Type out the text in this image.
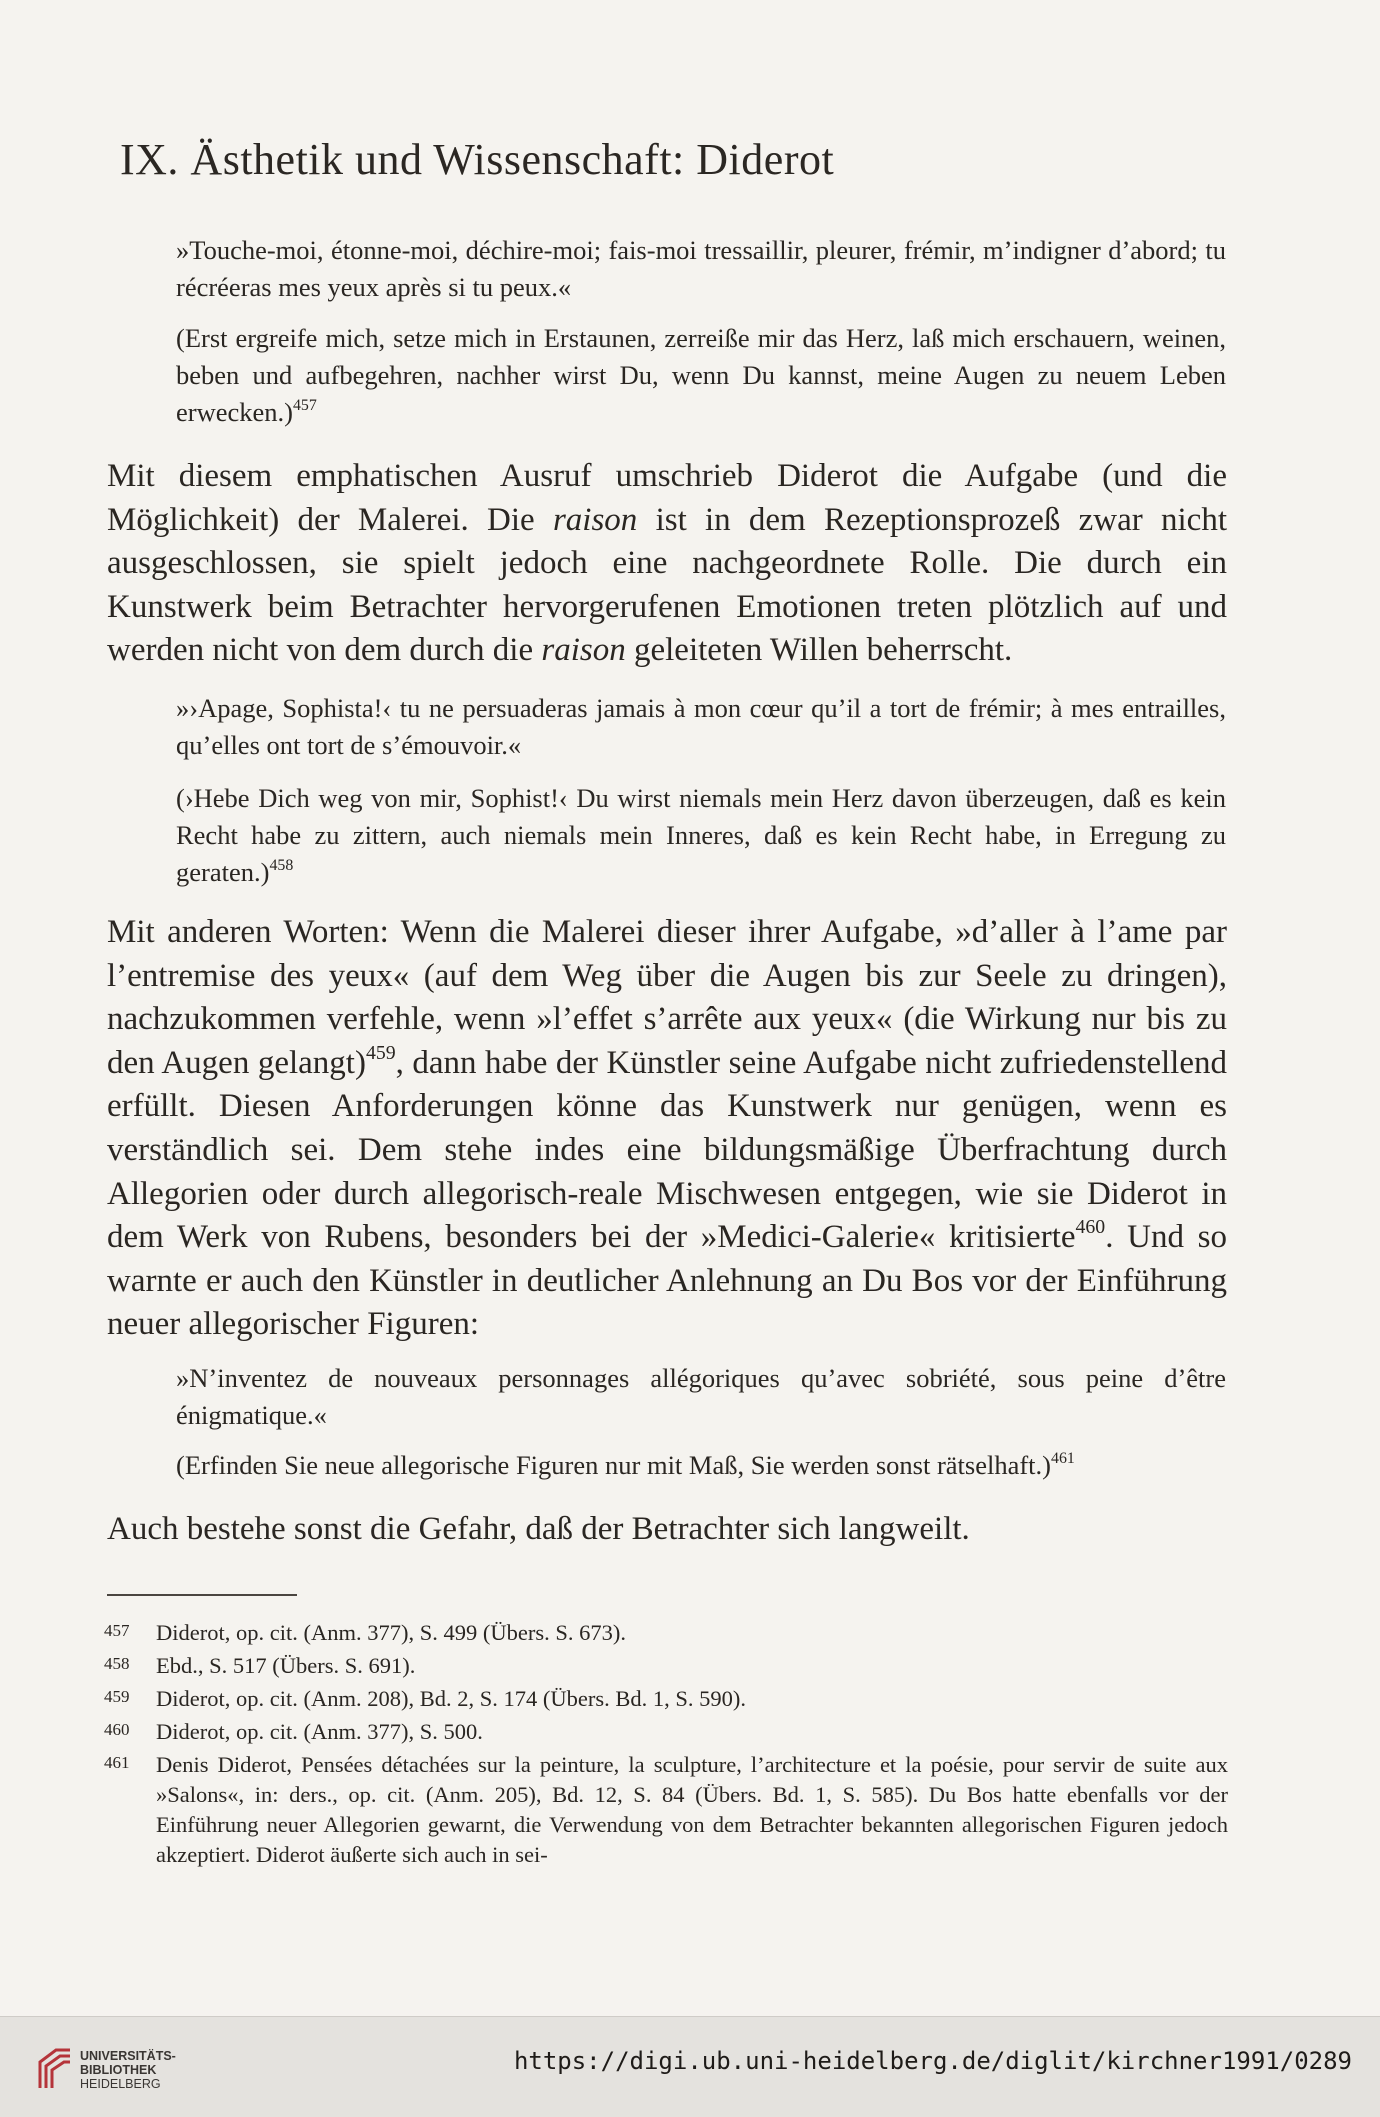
IX. Ästhetik und Wissenschaft: Diderot

»Touche-moi, étonne-moi, déchire-moi; fais-moi tressaillir, pleurer, frémir, m’indigner d’abord; tu récréeras mes yeux après si tu peux.«

(Erst ergreife mich, setze mich in Erstaunen, zerreiße mir das Herz, laß mich erschauern, weinen, beben und aufbegehren, nachher wirst Du, wenn Du kannst, meine Augen zu neuem Leben erwecken.)$^{457}$

Mit diesem emphatischen Ausruf umschrieb Diderot die Aufgabe (und die Möglichkeit) der Malerei. Die raison ist in dem Rezeptionsprozeß zwar nicht ausgeschlossen, sie spielt jedoch eine nachgeordnete Rolle. Die durch ein Kunstwerk beim Betrachter hervorgerufenen Emotionen treten plötzlich auf und werden nicht von dem durch die raison geleiteten Willen beherrscht.

»›Apage, Sophista!‹ tu ne persuaderas jamais à mon cœur qu’il a tort de frémir; à mes entrailles, qu’elles ont tort de s’émouvoir.«

(›Hebe Dich weg von mir, Sophist!‹ Du wirst niemals mein Herz davon überzeugen, daß es kein Recht habe zu zittern, auch niemals mein Inneres, daß es kein Recht habe, in Erregung zu geraten.)$^{458}$

Mit anderen Worten: Wenn die Malerei dieser ihrer Aufgabe, »d’aller à l’ame par l’entremise des yeux« (auf dem Weg über die Augen bis zur Seele zu dringen), nachzukommen verfehle, wenn »l’effet s’arrête aux yeux« (die Wirkung nur bis zu den Augen gelangt)$^{459}$, dann habe der Künstler seine Aufgabe nicht zufriedenstellend erfüllt. Diesen Anforderungen könne das Kunstwerk nur genügen, wenn es verständlich sei. Dem stehe indes eine bildungsmäßige Überfrachtung durch Allegorien oder durch allegorisch-reale Mischwesen entgegen, wie sie Diderot in dem Werk von Rubens, besonders bei der »Medici-Galerie« kritisierte$^{460}$. Und so warnte er auch den Künstler in deutlicher Anlehnung an Du Bos vor der Einführung neuer allegorischer Figuren:

»N’inventez de nouveaux personnages allégoriques qu’avec sobriété, sous peine d’être énigmatique.«

(Erfinden Sie neue allegorische Figuren nur mit Maß, Sie werden sonst rätselhaft.)$^{461}$

Auch bestehe sonst die Gefahr, daß der Betrachter sich langweilt.

457 Diderot, op. cit. (Anm. 377), S. 499 (Übers. S. 673).

458 Ebd., S. 517 (Übers. S. 691).

459 Diderot, op. cit. (Anm. 208), Bd. 2, S. 174 (Übers. Bd. 1, S. 590).

460 Diderot, op. cit. (Anm. 377), S. 500.

461 Denis Diderot, Pensées détachées sur la peinture, la sculpture, l’architecture et la poésie, pour servir de suite aux »Salons«, in: ders., op. cit. (Anm. 205), Bd. 12, S. 84 (Übers. Bd. 1, S. 585). Du Bos hatte ebenfalls vor der Einführung neuer Allegorien gewarnt, die Verwendung von dem Betrachter bekannten allegorischen Figuren jedoch akzeptiert. Diderot äußerte sich auch in sei-

UNIVERSITÄTS-
BIBLIOTHEK
HEIDELBERG
https://digi.ub.uni-heidelberg.de/diglit/kirchner1991/0289
